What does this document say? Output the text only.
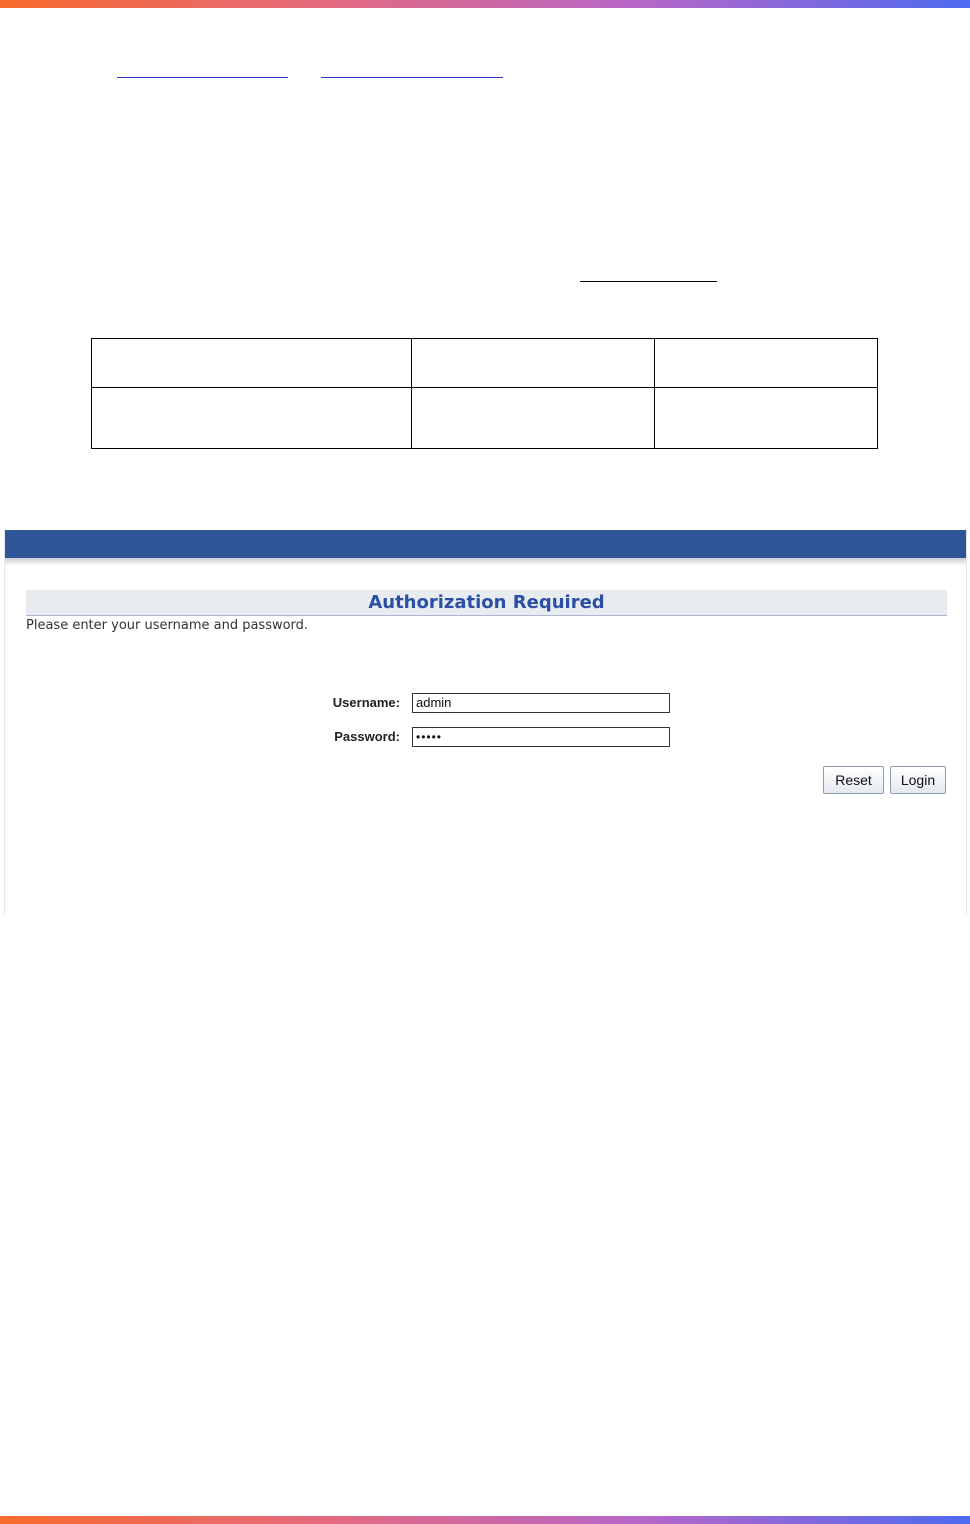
Authorization Required
Please enter your username and password.
Username:	admin
Password:	•••••
Reset	Login
